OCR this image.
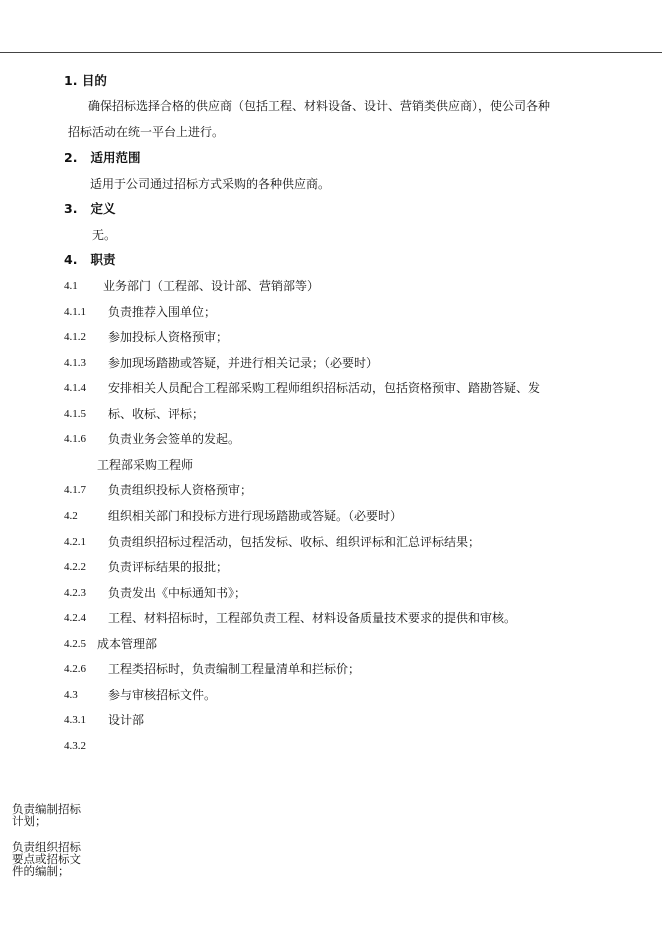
1. 目的
确保招标选择合格的供应商（包括工程、材料设备、设计、营销类供应商），使公司各种
招标活动在统一平台上进行。
2. 适用范围
适用于公司通过招标方式采购的各种供应商。
3. 定义
无。
4. 职责
4.1 业务部门（工程部、设计部、营销部等）
4.1.1 负责推荐入围单位；
4.1.2 参加投标人资格预审；
4.1.3 参加现场踏勘或答疑，并进行相关记录；（必要时）
4.1.4 安排相关人员配合工程部采购工程师组织招标活动，包括资格预审、踏勘答疑、发
4.1.5 标、收标、评标；
4.1.6 负责业务会签单的发起。
工程部采购工程师
4.1.7 负责组织投标人资格预审；
4.2	组织相关部门和投标方进行现场踏勘或答疑。（必要时）
4.2.1 负责组织招标过程活动，包括发标、收标、组织评标和汇总评标结果；
4.2.2 负责评标结果的报批；
4.2.3 负责发出《中标通知书》；
4.2.4 工程、材料招标时，工程部负责工程、材料设备质量技术要求的提供和审核。
4.2.5 成本管理部
4.2.6 工程类招标时，负责编制工程量清单和拦标价；
4.3	参与审核招标文件。
4.3.1 设计部
4.3.2
负责编制招标计划；
负责组织招标要点或招标文件的编制；
